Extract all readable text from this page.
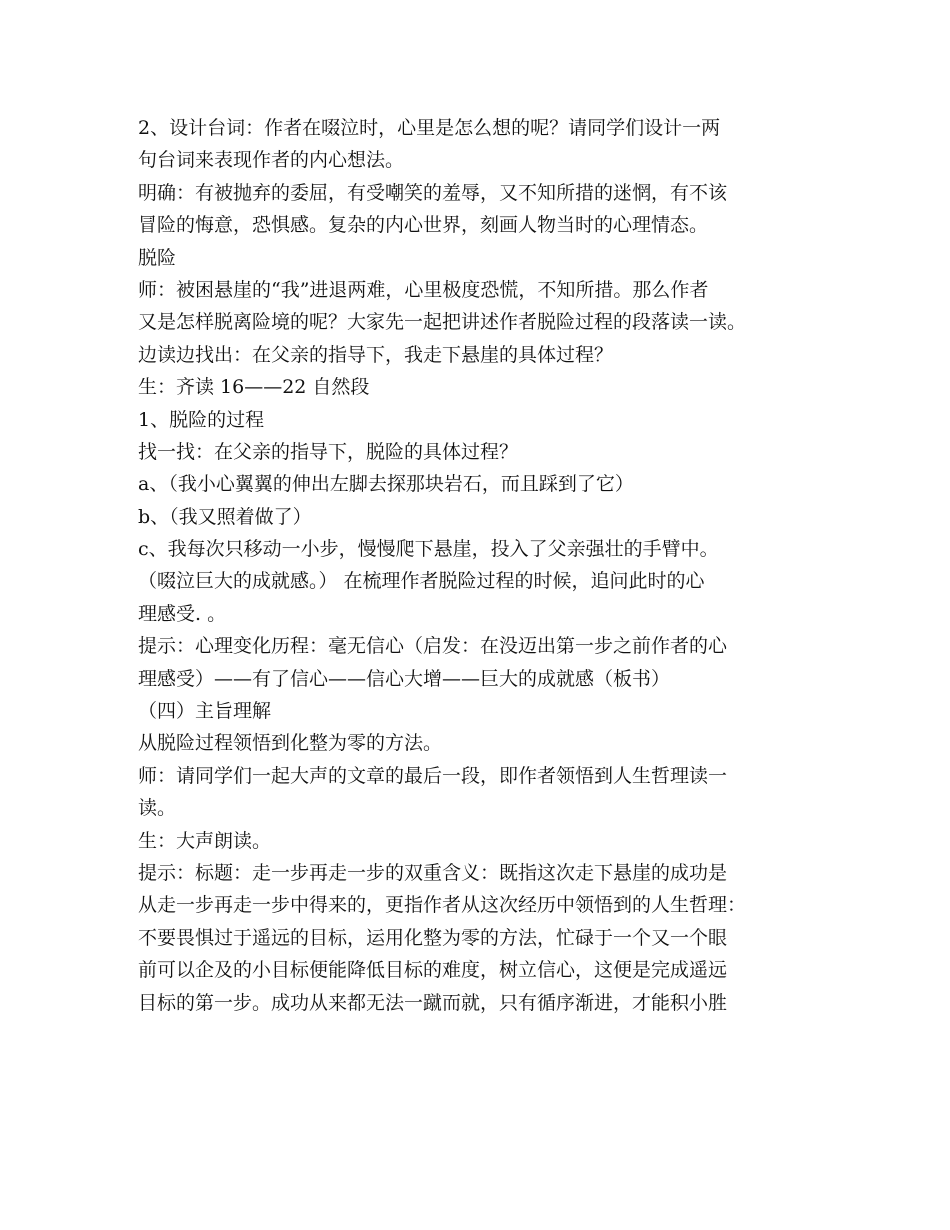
2、设计台词：作者在啜泣时，心里是怎么想的呢？请同学们设计一两
句台词来表现作者的内心想法。
明确：有被抛弃的委屈，有受嘲笑的羞辱，又不知所措的迷惘，有不该
冒险的悔意，恐惧感。复杂的内心世界，刻画人物当时的心理情态。
脱险
师：被困悬崖的“我”进退两难，心里极度恐慌，不知所措。那么作者
又是怎样脱离险境的呢？大家先一起把讲述作者脱险过程的段落读一读。
边读边找出：在父亲的指导下，我走下悬崖的具体过程？
生：齐读 16——22 自然段
1、脱险的过程
找一找：在父亲的指导下，脱险的具体过程？
a、（我小心翼翼的伸出左脚去探那块岩石，而且踩到了它）
b、（我又照着做了）
c、我每次只移动一小步，慢慢爬下悬崖，投入了父亲强壮的手臂中。
（啜泣巨大的成就感。） 在梳理作者脱险过程的时候，追问此时的心
理感受. 。
提示：心理变化历程：毫无信心（启发：在没迈出第一步之前作者的心
理感受）——有了信心——信心大增——巨大的成就感（板书）
（四）主旨理解
从脱险过程领悟到化整为零的方法。
师：请同学们一起大声的文章的最后一段，即作者领悟到人生哲理读一
读。
生：大声朗读。
提示：标题：走一步再走一步的双重含义：既指这次走下悬崖的成功是
从走一步再走一步中得来的，更指作者从这次经历中领悟到的人生哲理：
不要畏惧过于遥远的目标，运用化整为零的方法，忙碌于一个又一个眼
前可以企及的小目标便能降低目标的难度，树立信心，这便是完成遥远
目标的第一步。成功从来都无法一蹴而就，只有循序渐进，才能积小胜
